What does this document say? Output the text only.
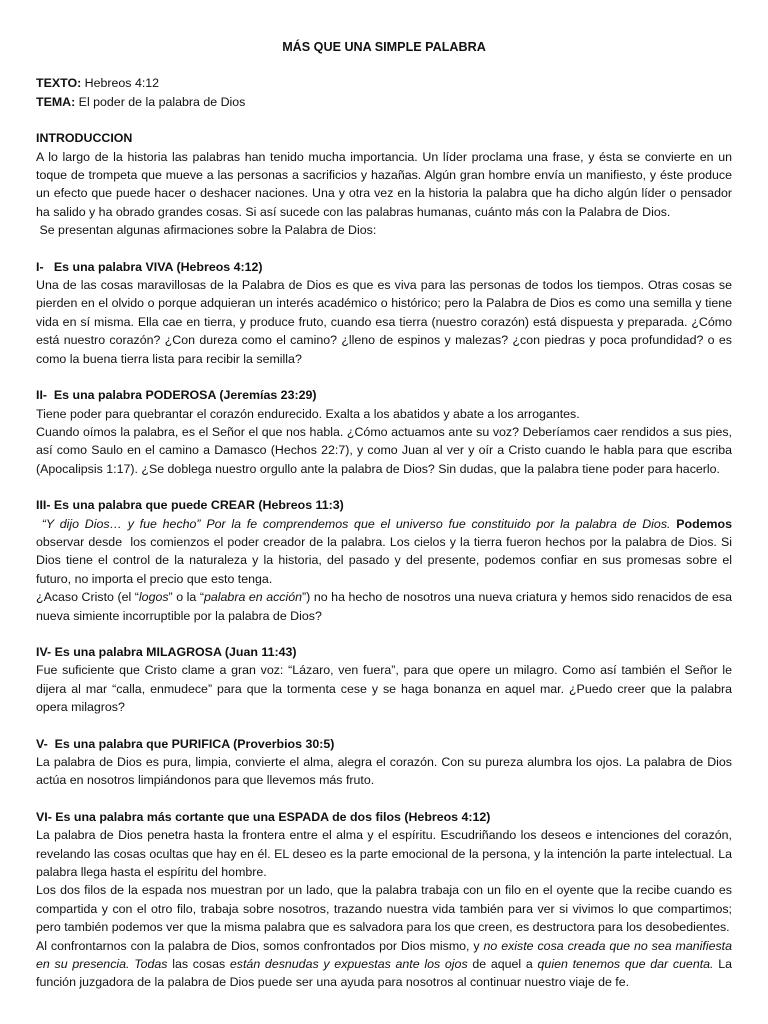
MÁS QUE UNA SIMPLE PALABRA

TEXTO: Hebreos 4:12

TEMA: El poder de la palabra de Dios

INTRODUCCION

A lo largo de la historia las palabras han tenido mucha importancia. Un líder proclama una frase, y ésta se convierte en un toque de trompeta que mueve a las personas a sacrificios y hazañas. Algún gran hombre envía un manifiesto, y éste produce un efecto que puede hacer o deshacer naciones. Una y otra vez en la historia la palabra que ha dicho algún líder o pensador ha salido y ha obrado grandes cosas. Si así sucede con las palabras humanas, cuánto más con la Palabra de Dios.

Se presentan algunas afirmaciones sobre la Palabra de Dios:

I-   Es una palabra VIVA (Hebreos 4:12)

Una de las cosas maravillosas de la Palabra de Dios es que es viva para las personas de todos los tiempos. Otras cosas se pierden en el olvido o porque adquieran un interés académico o histórico; pero la Palabra de Dios es como una semilla y tiene vida en sí misma. Ella cae en tierra, y produce fruto, cuando esa tierra (nuestro corazón) está dispuesta y preparada. ¿Cómo está nuestro corazón? ¿Con dureza como el camino? ¿lleno de espinos y malezas? ¿con piedras y poca profundidad? o es como la buena tierra lista para recibir la semilla?

II-  Es una palabra PODEROSA (Jeremías 23:29)

Tiene poder para quebrantar el corazón endurecido. Exalta a los abatidos y abate a los arrogantes.

Cuando oímos la palabra, es el Señor el que nos habla. ¿Cómo actuamos ante su voz? Deberíamos caer rendidos a sus pies, así como Saulo en el camino a Damasco (Hechos 22:7), y como Juan al ver y oír a Cristo cuando le habla para que escriba (Apocalipsis 1:17). ¿Se doblega nuestro orgullo ante la palabra de Dios? Sin dudas, que la palabra tiene poder para hacerlo.

III- Es una palabra que puede CREAR (Hebreos 11:3)

“Y dijo Dios… y fue hecho” Por la fe comprendemos que el universo fue constituido por la palabra de Dios. Podemos observar desde  los comienzos el poder creador de la palabra. Los cielos y la tierra fueron hechos por la palabra de Dios. Si Dios tiene el control de la naturaleza y la historia, del pasado y del presente, podemos confiar en sus promesas sobre el futuro, no importa el precio que esto tenga.

¿Acaso Cristo (el “logos” o la “palabra en acción”) no ha hecho de nosotros una nueva criatura y hemos sido renacidos de esa nueva simiente incorruptible por la palabra de Dios?

IV- Es una palabra MILAGROSA (Juan 11:43)

Fue suficiente que Cristo clame a gran voz: “Lázaro, ven fuera”, para que opere un milagro. Como así también el Señor le dijera al mar “calla, enmudece” para que la tormenta cese y se haga bonanza en aquel mar. ¿Puedo creer que la palabra opera milagros?

V-  Es una palabra que PURIFICA (Proverbios 30:5)

La palabra de Dios es pura, limpia, convierte el alma, alegra el corazón. Con su pureza alumbra los ojos. La palabra de Dios actúa en nosotros limpiándonos para que llevemos más fruto.

VI- Es una palabra más cortante que una ESPADA de dos filos (Hebreos 4:12)

La palabra de Dios penetra hasta la frontera entre el alma y el espíritu. Escudriñando los deseos e intenciones del corazón, revelando las cosas ocultas que hay en él. EL deseo es la parte emocional de la persona, y la intención la parte intelectual. La palabra llega hasta el espíritu del hombre.

Los dos filos de la espada nos muestran por un lado, que la palabra trabaja con un filo en el oyente que la recibe cuando es compartida y con el otro filo, trabaja sobre nosotros, trazando nuestra vida también para ver si vivimos lo que compartimos; pero también podemos ver que la misma palabra que es salvadora para los que creen, es destructora para los desobedientes.

Al confrontarnos con la palabra de Dios, somos confrontados por Dios mismo, y no existe cosa creada que no sea manifiesta en su presencia. Todas las cosas están desnudas y expuestas ante los ojos de aquel a quien tenemos que dar cuenta. La función juzgadora de la palabra de Dios puede ser una ayuda para nosotros al continuar nuestro viaje de fe.
